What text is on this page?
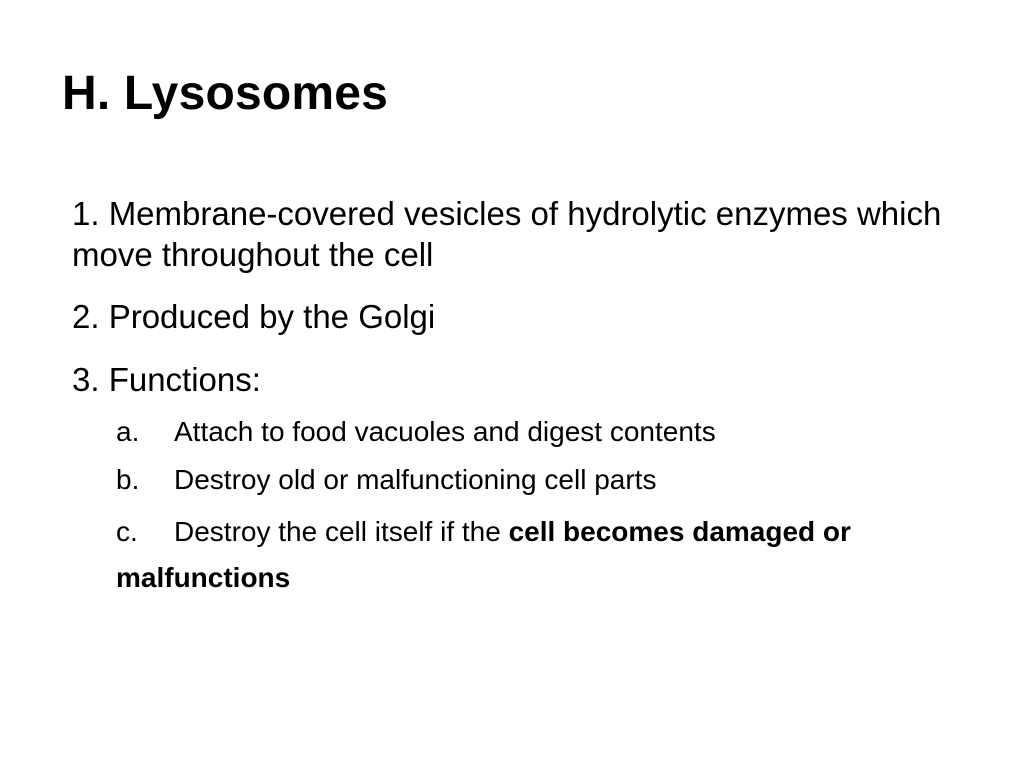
H. Lysosomes

1. Membrane-covered vesicles of hydrolytic enzymes which move throughout the cell

2. Produced by the Golgi

3. Functions:

a. Attach to food vacuoles and digest contents

b. Destroy old or malfunctioning cell parts

c. Destroy the cell itself if the cell becomes damaged or malfunctions
